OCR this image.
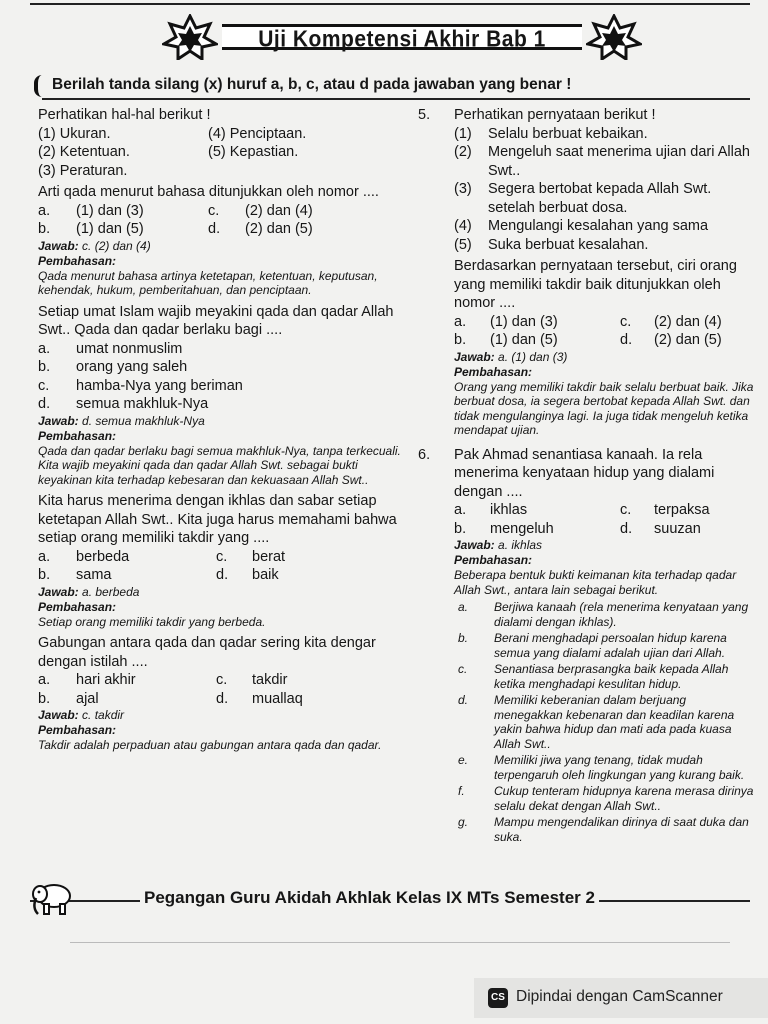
Uji Kompetensi Akhir Bab 1
Berilah tanda silang (x) huruf a, b, c, atau d pada jawaban yang benar !
Perhatikan hal-hal berikut !
(1) Ukuran.	(4) Penciptaan.
(2) Ketentuan.	(5) Kepastian.
(3) Peraturan.
Arti qada menurut bahasa ditunjukkan oleh nomor ....
a. (1) dan (3)	c. (2) dan (4)
b. (1) dan (5)	d. (2) dan (5)
Jawab: c. (2) dan (4)
Pembahasan:
Qada menurut bahasa artinya ketetapan, ketentuan, keputusan, kehendak, hukum, pemberitahuan, dan penciptaan.
Setiap umat Islam wajib meyakini qada dan qadar Allah Swt.. Qada dan qadar berlaku bagi ....
a. umat nonmuslim
b. orang yang saleh
c. hamba-Nya yang beriman
d. semua makhluk-Nya
Jawab: d. semua makhluk-Nya
Pembahasan:
Qada dan qadar berlaku bagi semua makhluk-Nya, tanpa terkecuali. Kita wajib meyakini qada dan qadar Allah Swt. sebagai bukti keyakinan kita terhadap kebesaran dan kekuasaan Allah Swt..
Kita harus menerima dengan ikhlas dan sabar setiap ketetapan Allah Swt.. Kita juga harus memahami bahwa setiap orang memiliki takdir yang ....
a. berbeda	c. berat
b. sama	d. baik
Jawab: a. berbeda
Pembahasan:
Setiap orang memiliki takdir yang berbeda.
Gabungan antara qada dan qadar sering kita dengar dengan istilah ....
a. hari akhir	c. takdir
b. ajal	d. muallaq
Jawab: c. takdir
Pembahasan:
Takdir adalah perpaduan atau gabungan antara qada dan qadar.
5. Perhatikan pernyataan berikut !
(1) Selalu berbuat kebaikan.
(2) Mengeluh saat menerima ujian dari Allah Swt..
(3) Segera bertobat kepada Allah Swt. setelah berbuat dosa.
(4) Mengulangi kesalahan yang sama
(5) Suka berbuat kesalahan.
Berdasarkan pernyataan tersebut, ciri orang yang memiliki takdir baik ditunjukkan oleh nomor ....
a. (1) dan (3)	c. (2) dan (4)
b. (1) dan (5)	d. (2) dan (5)
Jawab: a. (1) dan (3)
Pembahasan:
Orang yang memiliki takdir baik selalu berbuat baik. Jika berbuat dosa, ia segera bertobat kepada Allah Swt. dan tidak mengulanginya lagi. Ia juga tidak mengeluh ketika mendapat ujian.
6. Pak Ahmad senantiasa kanaah. Ia rela menerima kenyataan hidup yang dialami dengan ....
a. ikhlas	c. terpaksa
b. mengeluh	d. suuzan
Jawab: a. ikhlas
Pembahasan:
Beberapa bentuk bukti keimanan kita terhadap qadar Allah Swt., antara lain sebagai berikut.
a. Berjiwa kanaah (rela menerima kenyataan yang dialami dengan ikhlas).
b. Berani menghadapi persoalan hidup karena semua yang dialami adalah ujian dari Allah.
c. Senantiasa berprasangka baik kepada Allah ketika menghadapi kesulitan hidup.
d. Memiliki keberanian dalam berjuang menegakkan kebenaran dan keadilan karena yakin bahwa hidup dan mati ada pada kuasa Allah Swt..
e. Memiliki jiwa yang tenang, tidak mudah terpengaruh oleh lingkungan yang kurang baik.
f. Cukup tenteram hidupnya karena merasa dirinya selalu dekat dengan Allah Swt..
g. Mampu mengendalikan dirinya di saat duka dan suka.
Pegangan Guru Akidah Akhlak Kelas IX MTs Semester 2
CS Dipindai dengan CamScanner
